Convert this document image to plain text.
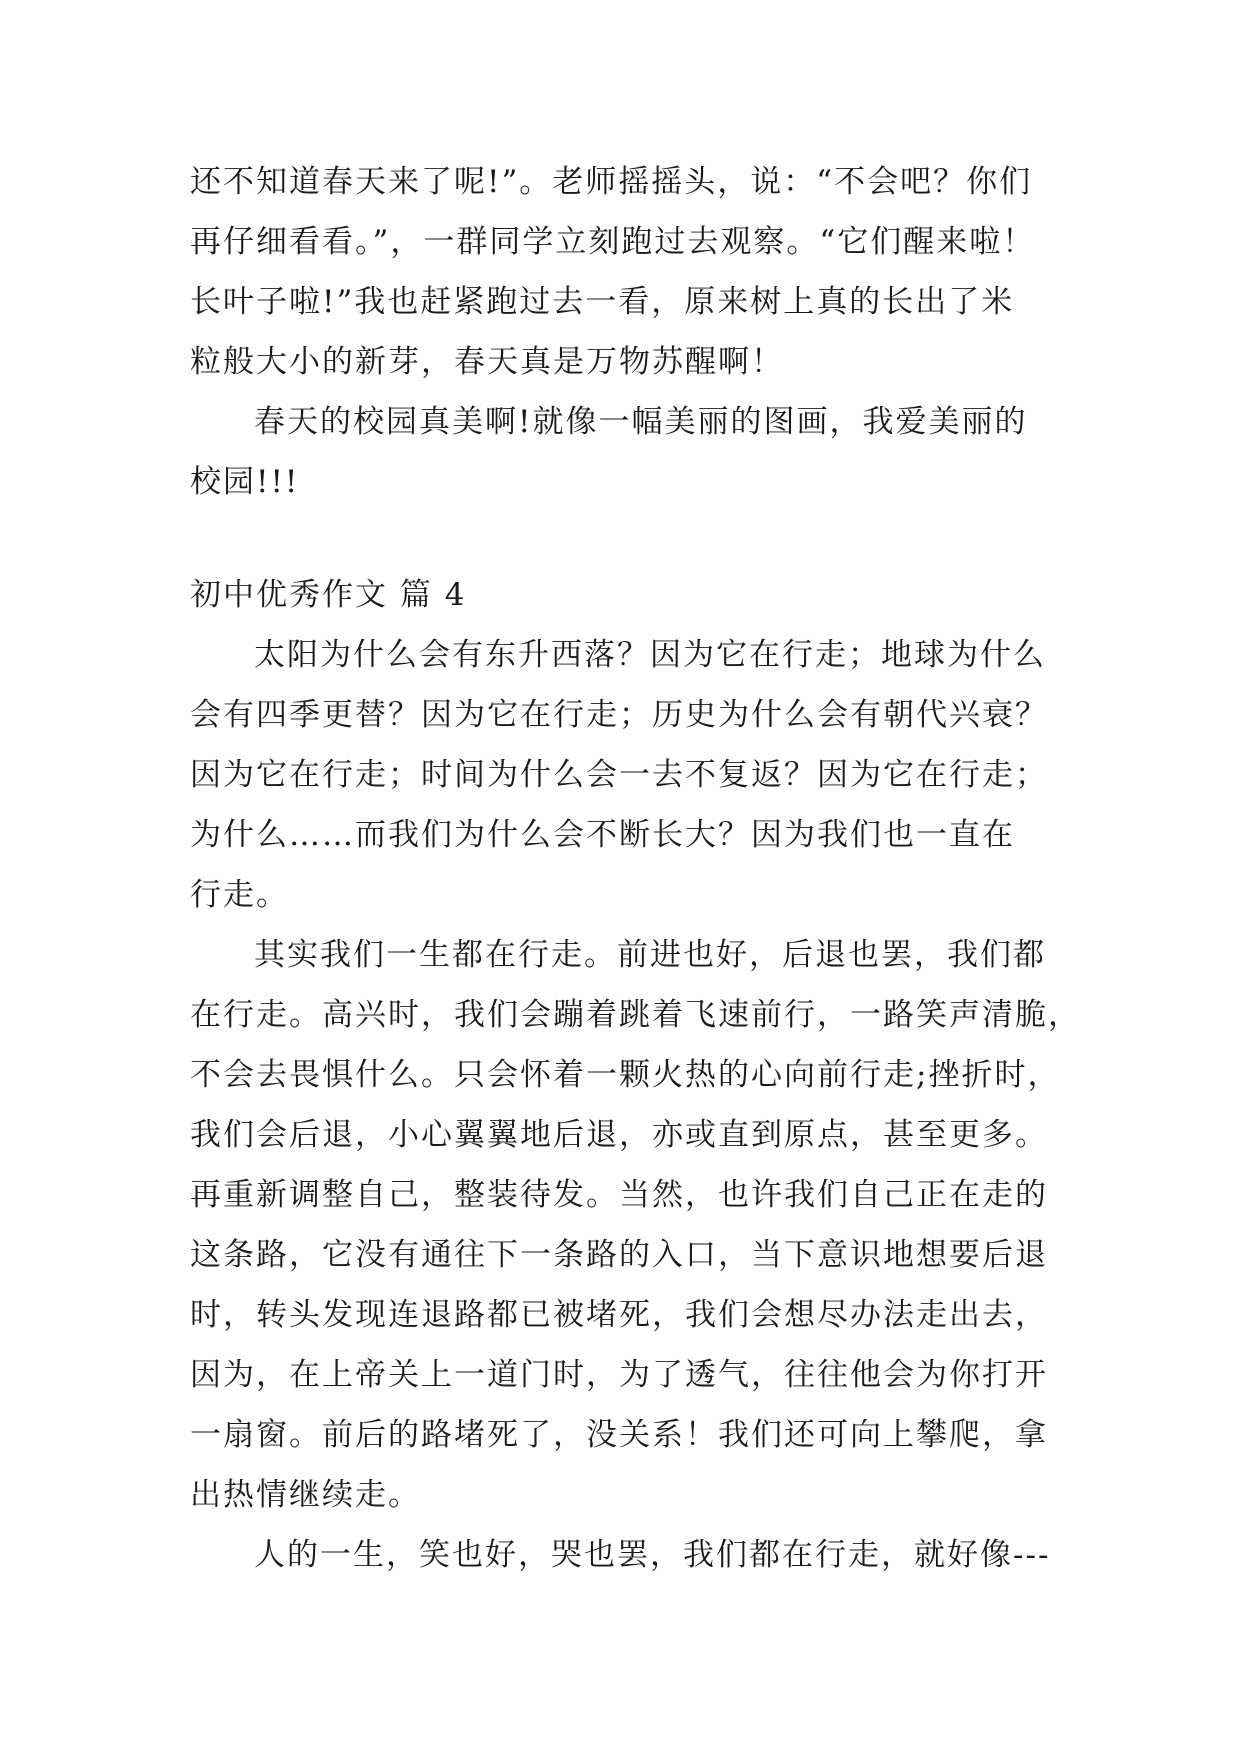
还不知道春天来了呢!”。老师摇摇头，说：“不会吧？你们
再仔细看看。”，一群同学立刻跑过去观察。“它们醒来啦！
长叶子啦!”我也赶紧跑过去一看，原来树上真的长出了米
粒般大小的新芽，春天真是万物苏醒啊！
春天的校园真美啊!就像一幅美丽的图画，我爱美丽的
校园!!!
初中优秀作文 篇 4
太阳为什么会有东升西落？因为它在行走；地球为什么
会有四季更替？因为它在行走；历史为什么会有朝代兴衰？
因为它在行走；时间为什么会一去不复返？因为它在行走；
为什么……而我们为什么会不断长大？因为我们也一直在
行走。
其实我们一生都在行走。前进也好，后退也罢，我们都
在行走。高兴时，我们会蹦着跳着飞速前行，一路笑声清脆，
不会去畏惧什么。只会怀着一颗火热的心向前行走;挫折时，
我们会后退，小心翼翼地后退，亦或直到原点，甚至更多。
再重新调整自己，整装待发。当然，也许我们自己正在走的
这条路，它没有通往下一条路的入口，当下意识地想要后退
时，转头发现连退路都已被堵死，我们会想尽办法走出去，
因为，在上帝关上一道门时，为了透气，往往他会为你打开
一扇窗。前后的路堵死了，没关系！我们还可向上攀爬，拿
出热情继续走。
人的一生，笑也好，哭也罢，我们都在行走，就好像---
